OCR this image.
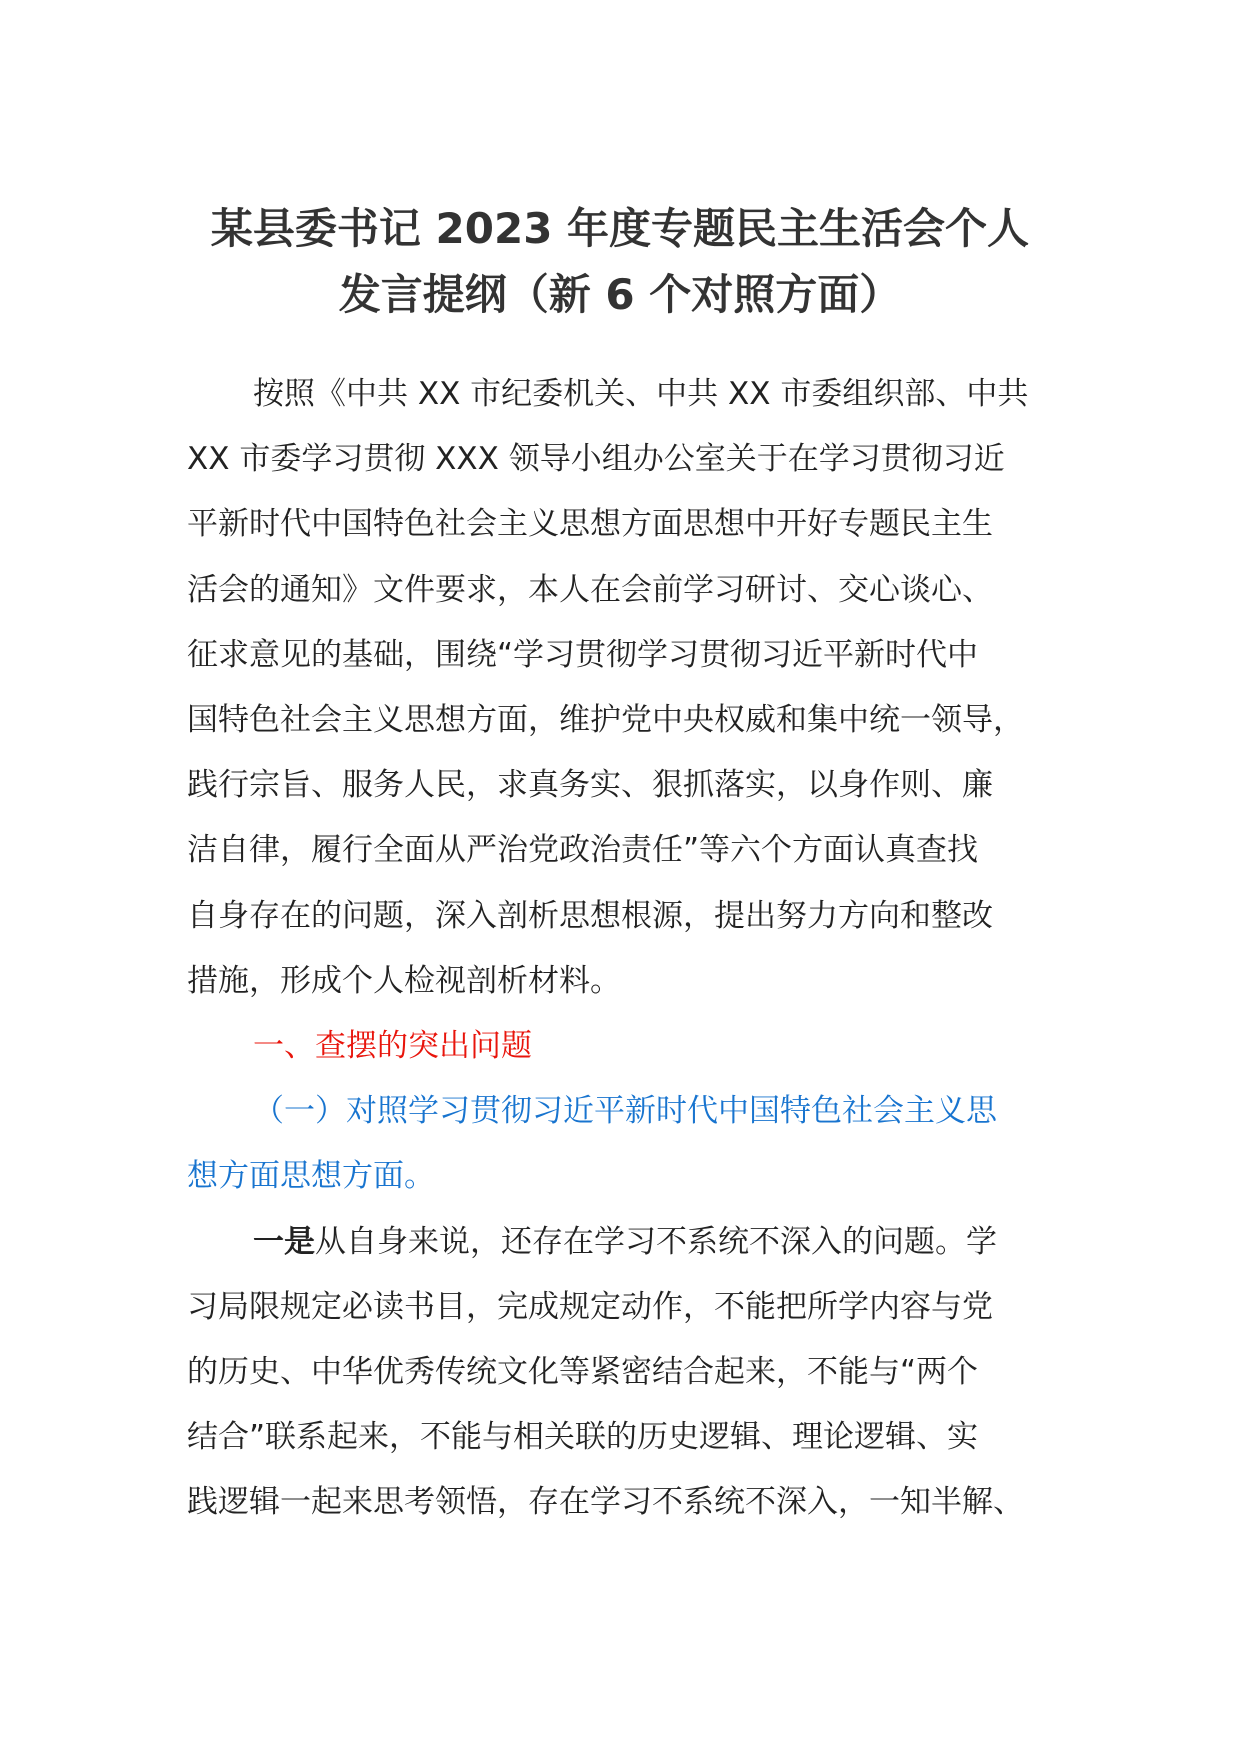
某县委书记 2023 年度专题民主生活会个人
发言提纲（新 6 个对照方面）

按照《中共 XX 市纪委机关、中共 XX 市委组织部、中共
XX 市委学习贯彻 XXX 领导小组办公室关于在学习贯彻习近
平新时代中国特色社会主义思想方面思想中开好专题民主生
活会的通知》文件要求，本人在会前学习研讨、交心谈心、
征求意见的基础，围绕“学习贯彻学习贯彻习近平新时代中
国特色社会主义思想方面，维护党中央权威和集中统一领导，
践行宗旨、服务人民，求真务实、狠抓落实，以身作则、廉
洁自律，履行全面从严治党政治责任”等六个方面认真查找
自身存在的问题，深入剖析思想根源，提出努力方向和整改
措施，形成个人检视剖析材料。

一、查摆的突出问题

（一）对照学习贯彻习近平新时代中国特色社会主义思
想方面思想方面。

一是从自身来说，还存在学习不系统不深入的问题。学
习局限规定必读书目，完成规定动作，不能把所学内容与党
的历史、中华优秀传统文化等紧密结合起来，不能与“两个
结合”联系起来，不能与相关联的历史逻辑、理论逻辑、实
践逻辑一起来思考领悟，存在学习不系统不深入，一知半解、
